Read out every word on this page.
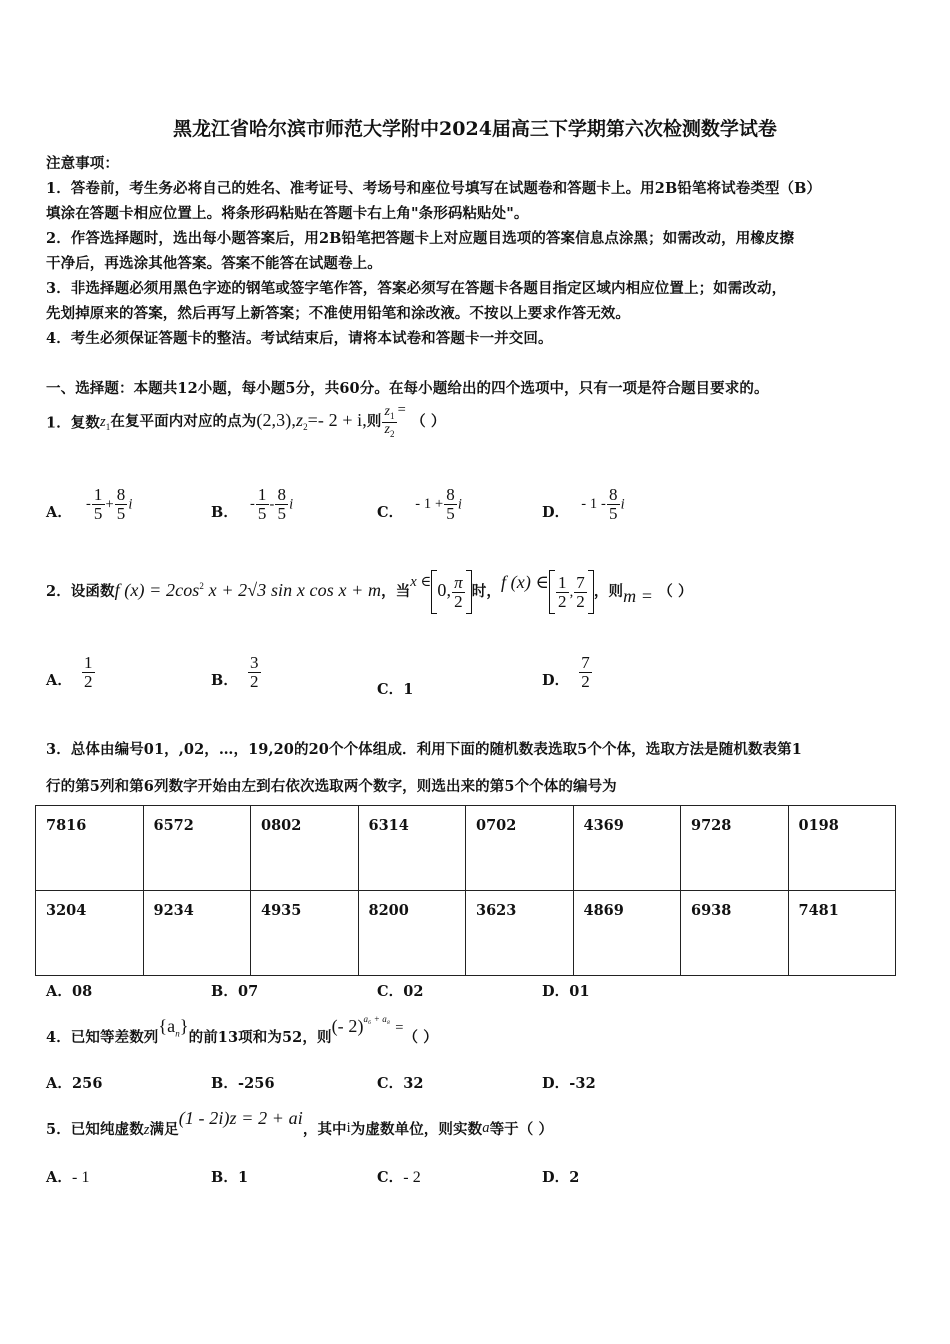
黑龙江省哈尔滨市师范大学附中2024届高三下学期第六次检测数学试卷
注意事项：
1．答卷前，考生务必将自己的姓名、准考证号、考场号和座位号填写在试题卷和答题卡上。用2B铅笔将试卷类型（B）
填涂在答题卡相应位置上。将条形码粘贴在答题卡右上角"条形码粘贴处"。
2．作答选择题时，选出每小题答案后，用2B铅笔把答题卡上对应题目选项的答案信息点涂黑；如需改动，用橡皮擦
干净后，再选涂其他答案。答案不能答在试题卷上。
3．非选择题必须用黑色字迹的钢笔或签字笔作答，答案必须写在答题卡各题目指定区域内相应位置上；如需改动，
先划掉原来的答案，然后再写上新答案；不准使用铅笔和涂改液。不按以上要求作答无效。
4．考生必须保证答题卡的整洁。考试结束后，请将本试卷和答题卡一并交回。
一、选择题：本题共12小题，每小题5分，共60分。在每小题给出的四个选项中，只有一项是符合题目要求的。
1．复数$z_1$在复平面内对应的点为$(2,3),z_2=-$ 2 + i,则 $\frac{z_1}{z_2}$ = （ ）
A． - $\frac{1}{5} + \frac{8}{5}$ i	B． - $\frac{1}{5} - \frac{8}{5}$ i	C． - $1 + \frac{8}{5}$ i	D． - $1 - \frac{8}{5}$ i
2．设函数f $(x) = 2\cos^2$ x + 2√3 sin x cos x + m，当x ∈ 0, $\frac{\pi}{2}$ 时，f (x) ∈ $\frac{1}{2}$ , $\frac{7}{2}$ ，则m = （ ）
A． $\frac{1}{2}$	B． $\frac{3}{2}$	C．1
D． $\frac{7}{2}$
3．总体由编号01，,02，…，19,20的20个个体组成．利用下面的随机数表选取5个个体，选取方法是随机数表第1
行的第5列和第6列数字开始由左到右依次选取两个数字，则选出来的第5个个体的编号为
7816	6572	0802	6314	0702	4369	9728	0198
3204	9234	4935	8200	3623	4869	6938	7481
A．08	B．07	C．02	D．01
4．已知等差数列$\{a_n\}$的前13项和为52，则(- 2)$^{a_6 + a_8}$ =（ ）
A．256	B．-256	C．32	D．-32
5．已知纯虚数z满足(1 - 2i)z = 2 + ai，其中i为虚数单位，则实数a等于（ ）
A．- 1	B．1	C．- 2	D．2
